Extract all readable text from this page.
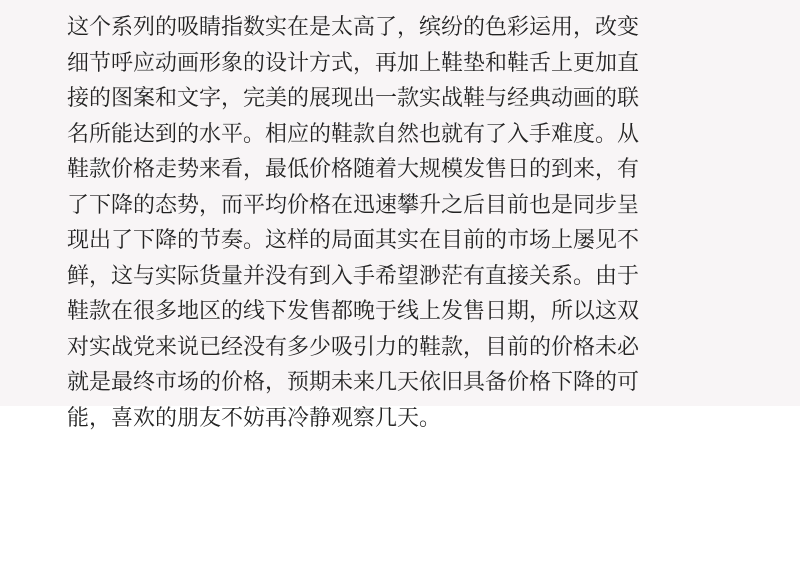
这个系列的吸睛指数实在是太高了，缤纷的色彩运用，改变
细节呼应动画形象的设计方式，再加上鞋垫和鞋舌上更加直
接的图案和文字，完美的展现出一款实战鞋与经典动画的联
名所能达到的水平。相应的鞋款自然也就有了入手难度。从
鞋款价格走势来看，最低价格随着大规模发售日的到来，有
了下降的态势，而平均价格在迅速攀升之后目前也是同步呈
现出了下降的节奏。这样的局面其实在目前的市场上屡见不
鲜，这与实际货量并没有到入手希望渺茫有直接关系。由于
鞋款在很多地区的线下发售都晚于线上发售日期，所以这双
对实战党来说已经没有多少吸引力的鞋款，目前的价格未必
就是最终市场的价格，预期未来几天依旧具备价格下降的可
能，喜欢的朋友不妨再冷静观察几天。
